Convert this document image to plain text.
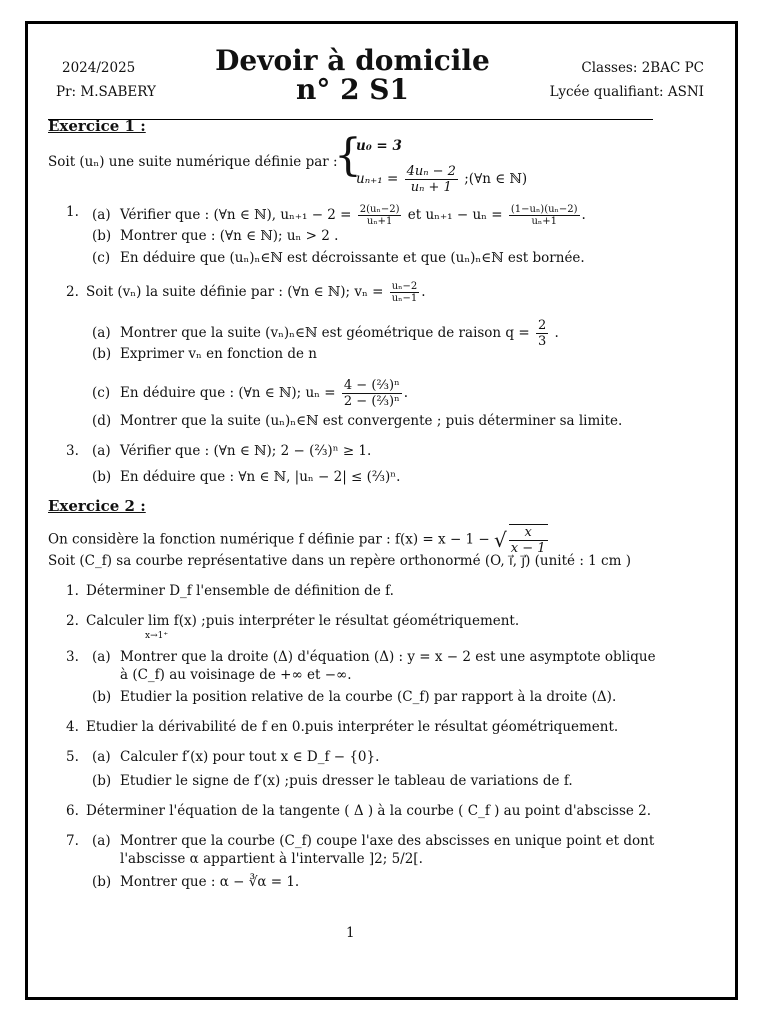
2024/2025
Pr: M.SABERY
Devoir à domicile
n° 2 S1
Classes: 2BAC PC
Lycée qualifiant: ASNI
Exercice 1 :
Soit (uₙ) une suite numérique définie par :
{
u₀ = 3
$u_{n+1} = \frac{\text{4uₙ − 2}}{\text{uₙ + 1}}$ ;(∀n ∈ ℕ)
1. (a) Vérifier que : (∀n ∈ ℕ), $u_{n+1} - 2 = \frac{\text{2(uₙ−2)}}{\text{uₙ+1}}$ et $u_{n+1} - u_n = \frac{\text{(1−uₙ)(uₙ−2)}}{\text{uₙ+1}}$ .
(b) Montrer que : (∀n ∈ ℕ); uₙ > 2 .
(c) En déduire que (uₙ)ₙ∈ℕ est décroissante et que (uₙ)ₙ∈ℕ est bornée.
2. Soit (vₙ) la suite définie par : (∀n ∈ ℕ); $v_n = \frac{\text{uₙ−2}}{\text{uₙ−1}}$ .
(a) Montrer que la suite (vₙ)ₙ∈ℕ est géométrique de raison $q = \frac{2}{3}$ .
(b) Exprimer vₙ en fonction de n
(c) En déduire que : (∀n ∈ ℕ); $u_n = \frac{\text{4 − (⅔)ⁿ}}{\text{2 − (⅔)ⁿ}}$ .
(d) Montrer que la suite (uₙ)ₙ∈ℕ est convergente ; puis déterminer sa limite.
3. (a) Vérifier que : (∀n ∈ ℕ); 2 − (⅔)ⁿ ≥ 1.
(b) En déduire que : ∀n ∈ ℕ, |uₙ − 2| ≤ (⅔)ⁿ.
Exercice 2 :
On considère la fonction numérique f définie par : f(x) = x − 1 − √ $\frac{x}{x - 1}$
Soit (C_f) sa courbe représentative dans un repère orthonormé (O, i⃗, j⃗) (unité : 1 cm )
1. Déterminer D_f l'ensemble de définition de f.
2. Calculer lim f(x) ;puis interpréter le résultat géométriquement.
x→1⁺
3. (a) Montrer que la droite (Δ) d'équation (Δ) : y = x − 2 est une asymptote oblique
à (C_f) au voisinage de +∞ et −∞.
(b) Etudier la position relative de la courbe (C_f) par rapport à la droite (Δ).
4. Etudier la dérivabilité de f en 0.puis interpréter le résultat géométriquement.
5. (a) Calculer f′(x) pour tout x ∈ D_f − {0}.
(b) Etudier le signe de f′(x) ;puis dresser le tableau de variations de f.
6. Déterminer l'équation de la tangente ( Δ ) à la courbe ( C_f ) au point d'abscisse 2.
7. (a) Montrer que la courbe (C_f) coupe l'axe des abscisses en unique point et dont
l'abscisse α appartient à l'intervalle ]2; 5/2[.
(b) Montrer que : α − ∛α = 1.
1
